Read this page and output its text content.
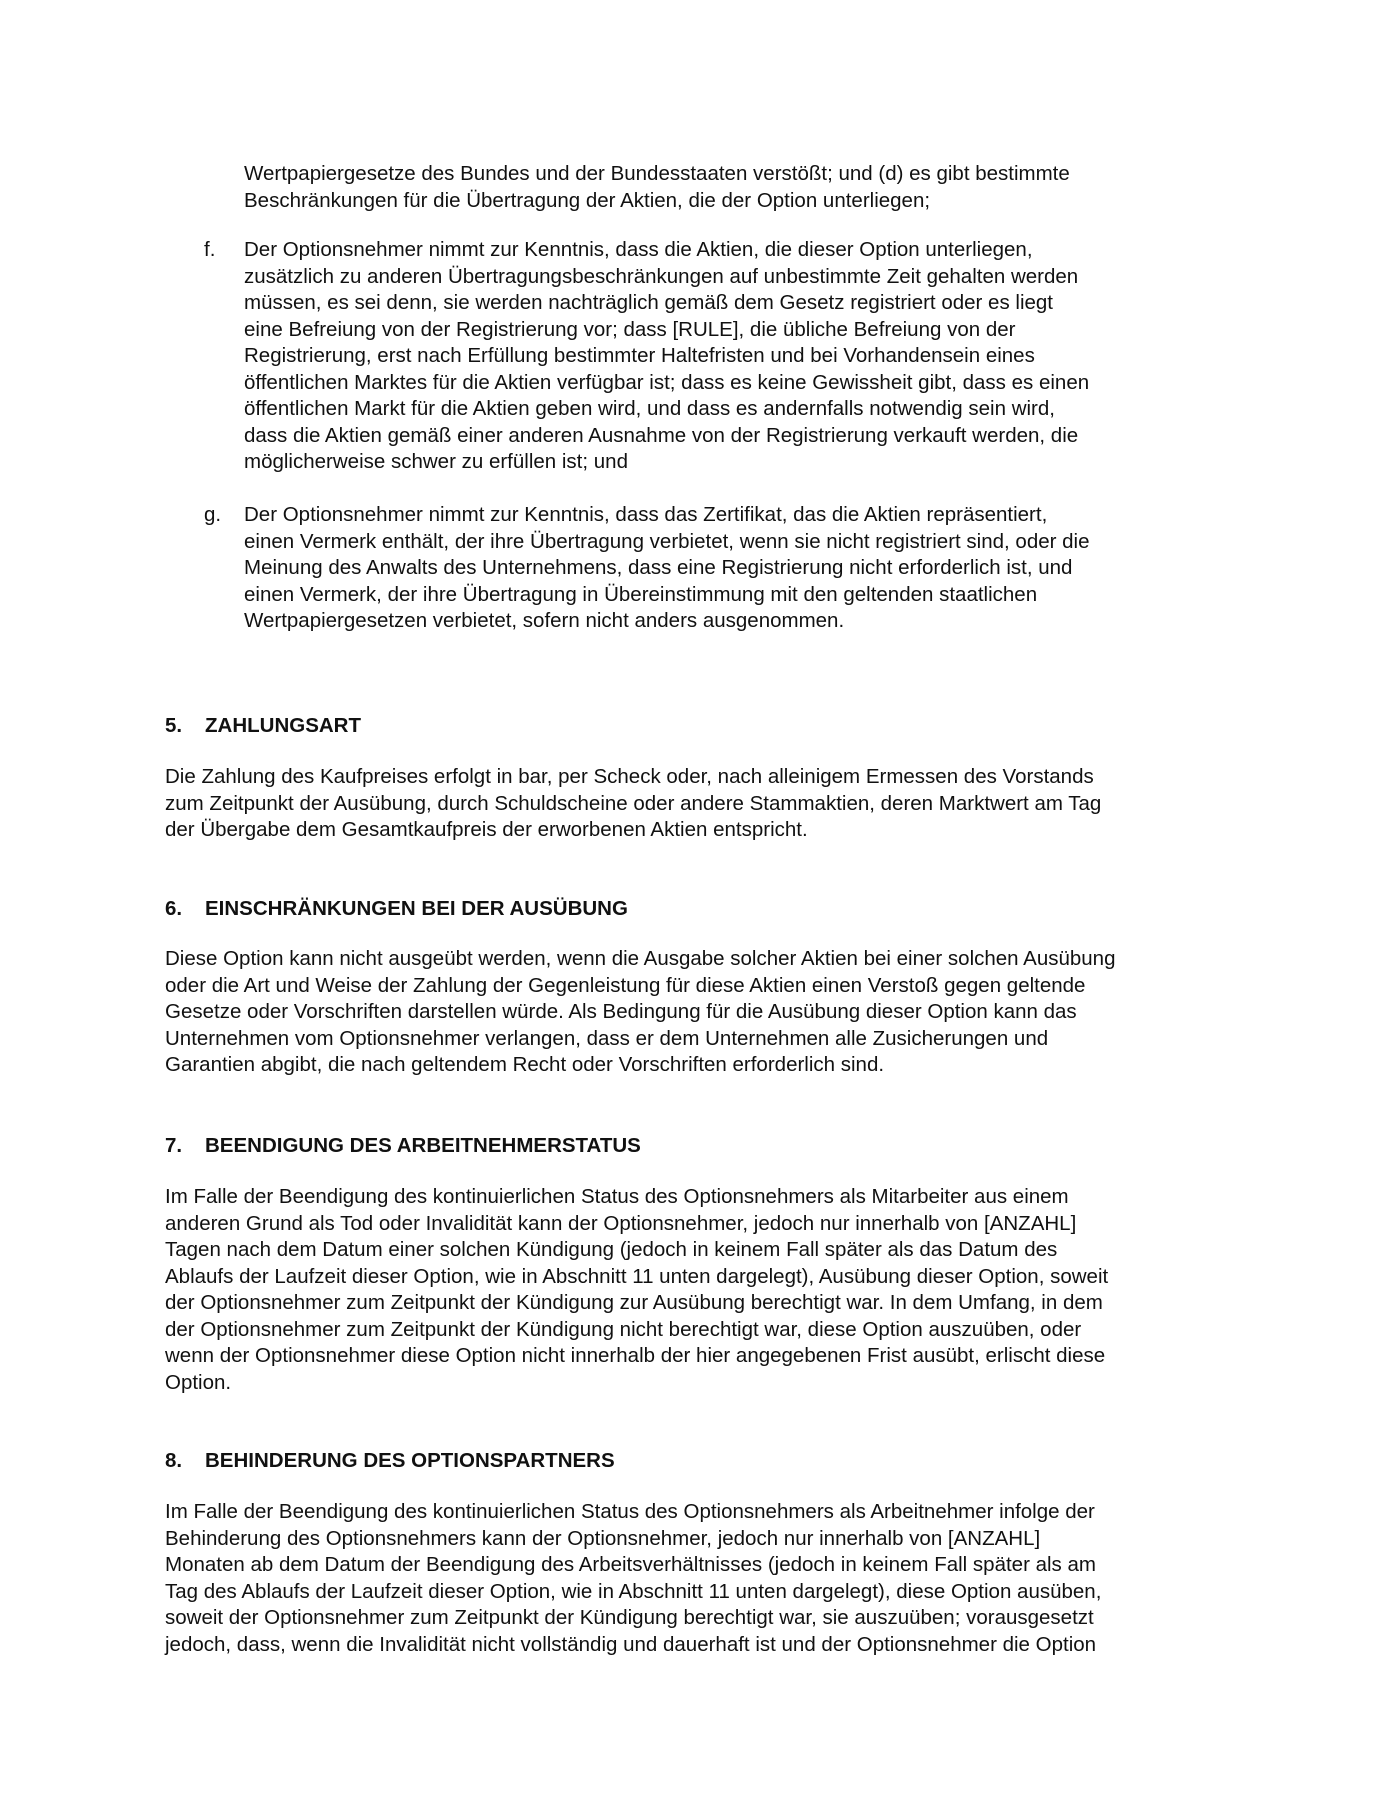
Wertpapiergesetze des Bundes und der Bundesstaaten verstößt; und (d) es gibt bestimmte

Beschränkungen für die Übertragung der Aktien, die der Option unterliegen;

f. Der Optionsnehmer nimmt zur Kenntnis, dass die Aktien, die dieser Option unterliegen,

zusätzlich zu anderen Übertragungsbeschränkungen auf unbestimmte Zeit gehalten werden

müssen, es sei denn, sie werden nachträglich gemäß dem Gesetz registriert oder es liegt

eine Befreiung von der Registrierung vor; dass [RULE], die übliche Befreiung von der

Registrierung, erst nach Erfüllung bestimmter Haltefristen und bei Vorhandensein eines

öffentlichen Marktes für die Aktien verfügbar ist; dass es keine Gewissheit gibt, dass es einen

öffentlichen Markt für die Aktien geben wird, und dass es andernfalls notwendig sein wird,

dass die Aktien gemäß einer anderen Ausnahme von der Registrierung verkauft werden, die

möglicherweise schwer zu erfüllen ist; und

g. Der Optionsnehmer nimmt zur Kenntnis, dass das Zertifikat, das die Aktien repräsentiert,

einen Vermerk enthält, der ihre Übertragung verbietet, wenn sie nicht registriert sind, oder die

Meinung des Anwalts des Unternehmens, dass eine Registrierung nicht erforderlich ist, und

einen Vermerk, der ihre Übertragung in Übereinstimmung mit den geltenden staatlichen

Wertpapiergesetzen verbietet, sofern nicht anders ausgenommen.

5. ZAHLUNGSART

Die Zahlung des Kaufpreises erfolgt in bar, per Scheck oder, nach alleinigem Ermessen des Vorstands

zum Zeitpunkt der Ausübung, durch Schuldscheine oder andere Stammaktien, deren Marktwert am Tag

der Übergabe dem Gesamtkaufpreis der erworbenen Aktien entspricht.

6. EINSCHRÄNKUNGEN BEI DER AUSÜBUNG

Diese Option kann nicht ausgeübt werden, wenn die Ausgabe solcher Aktien bei einer solchen Ausübung

oder die Art und Weise der Zahlung der Gegenleistung für diese Aktien einen Verstoß gegen geltende

Gesetze oder Vorschriften darstellen würde. Als Bedingung für die Ausübung dieser Option kann das

Unternehmen vom Optionsnehmer verlangen, dass er dem Unternehmen alle Zusicherungen und

Garantien abgibt, die nach geltendem Recht oder Vorschriften erforderlich sind.

7. BEENDIGUNG DES ARBEITNEHMERSTATUS

Im Falle der Beendigung des kontinuierlichen Status des Optionsnehmers als Mitarbeiter aus einem

anderen Grund als Tod oder Invalidität kann der Optionsnehmer, jedoch nur innerhalb von [ANZAHL]

Tagen nach dem Datum einer solchen Kündigung (jedoch in keinem Fall später als das Datum des

Ablaufs der Laufzeit dieser Option, wie in Abschnitt 11 unten dargelegt), Ausübung dieser Option, soweit

der Optionsnehmer zum Zeitpunkt der Kündigung zur Ausübung berechtigt war. In dem Umfang, in dem

der Optionsnehmer zum Zeitpunkt der Kündigung nicht berechtigt war, diese Option auszuüben, oder

wenn der Optionsnehmer diese Option nicht innerhalb der hier angegebenen Frist ausübt, erlischt diese

Option.

8. BEHINDERUNG DES OPTIONSPARTNERS

Im Falle der Beendigung des kontinuierlichen Status des Optionsnehmers als Arbeitnehmer infolge der

Behinderung des Optionsnehmers kann der Optionsnehmer, jedoch nur innerhalb von [ANZAHL]

Monaten ab dem Datum der Beendigung des Arbeitsverhältnisses (jedoch in keinem Fall später als am

Tag des Ablaufs der Laufzeit dieser Option, wie in Abschnitt 11 unten dargelegt), diese Option ausüben,

soweit der Optionsnehmer zum Zeitpunkt der Kündigung berechtigt war, sie auszuüben; vorausgesetzt

jedoch, dass, wenn die Invalidität nicht vollständig und dauerhaft ist und der Optionsnehmer die Option
